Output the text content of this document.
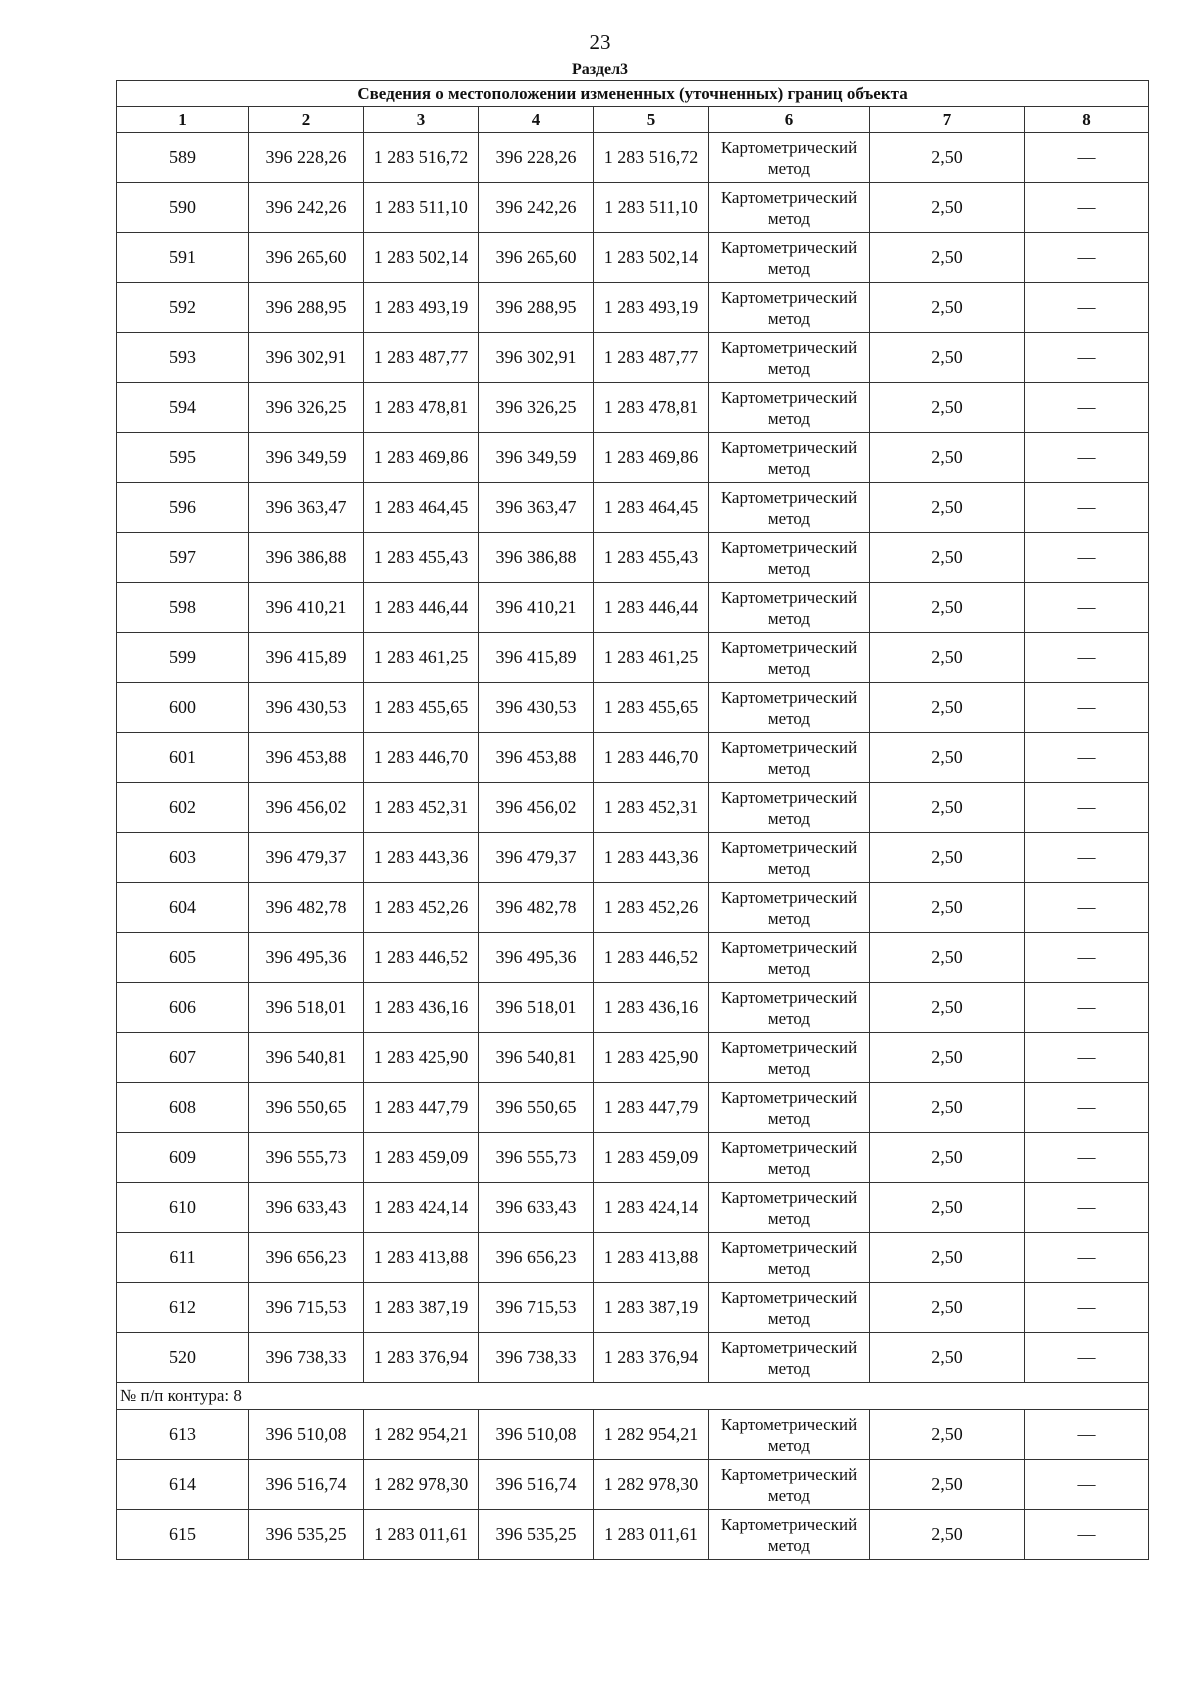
23
Раздел3
Сведения о местоположении измененных (уточненных) границ объекта							
1	2	3	4	5	6	7	8
589	396 228,26	1 283 516,72	396 228,26	1 283 516,72	Картометрический метод	2,50	—
590	396 242,26	1 283 511,10	396 242,26	1 283 511,10	Картометрический метод	2,50	—
591	396 265,60	1 283 502,14	396 265,60	1 283 502,14	Картометрический метод	2,50	—
592	396 288,95	1 283 493,19	396 288,95	1 283 493,19	Картометрический метод	2,50	—
593	396 302,91	1 283 487,77	396 302,91	1 283 487,77	Картометрический метод	2,50	—
594	396 326,25	1 283 478,81	396 326,25	1 283 478,81	Картометрический метод	2,50	—
595	396 349,59	1 283 469,86	396 349,59	1 283 469,86	Картометрический метод	2,50	—
596	396 363,47	1 283 464,45	396 363,47	1 283 464,45	Картометрический метод	2,50	—
597	396 386,88	1 283 455,43	396 386,88	1 283 455,43	Картометрический метод	2,50	—
598	396 410,21	1 283 446,44	396 410,21	1 283 446,44	Картометрический метод	2,50	—
599	396 415,89	1 283 461,25	396 415,89	1 283 461,25	Картометрический метод	2,50	—
600	396 430,53	1 283 455,65	396 430,53	1 283 455,65	Картометрический метод	2,50	—
601	396 453,88	1 283 446,70	396 453,88	1 283 446,70	Картометрический метод	2,50	—
602	396 456,02	1 283 452,31	396 456,02	1 283 452,31	Картометрический метод	2,50	—
603	396 479,37	1 283 443,36	396 479,37	1 283 443,36	Картометрический метод	2,50	—
604	396 482,78	1 283 452,26	396 482,78	1 283 452,26	Картометрический метод	2,50	—
605	396 495,36	1 283 446,52	396 495,36	1 283 446,52	Картометрический метод	2,50	—
606	396 518,01	1 283 436,16	396 518,01	1 283 436,16	Картометрический метод	2,50	—
607	396 540,81	1 283 425,90	396 540,81	1 283 425,90	Картометрический метод	2,50	—
608	396 550,65	1 283 447,79	396 550,65	1 283 447,79	Картометрический метод	2,50	—
609	396 555,73	1 283 459,09	396 555,73	1 283 459,09	Картометрический метод	2,50	—
610	396 633,43	1 283 424,14	396 633,43	1 283 424,14	Картометрический метод	2,50	—
611	396 656,23	1 283 413,88	396 656,23	1 283 413,88	Картометрический метод	2,50	—
612	396 715,53	1 283 387,19	396 715,53	1 283 387,19	Картометрический метод	2,50	—
520	396 738,33	1 283 376,94	396 738,33	1 283 376,94	Картометрический метод	2,50	—
№ п/п контура: 8							
613	396 510,08	1 282 954,21	396 510,08	1 282 954,21	Картометрический метод	2,50	—
614	396 516,74	1 282 978,30	396 516,74	1 282 978,30	Картометрический метод	2,50	—
615	396 535,25	1 283 011,61	396 535,25	1 283 011,61	Картометрический метод	2,50	—
